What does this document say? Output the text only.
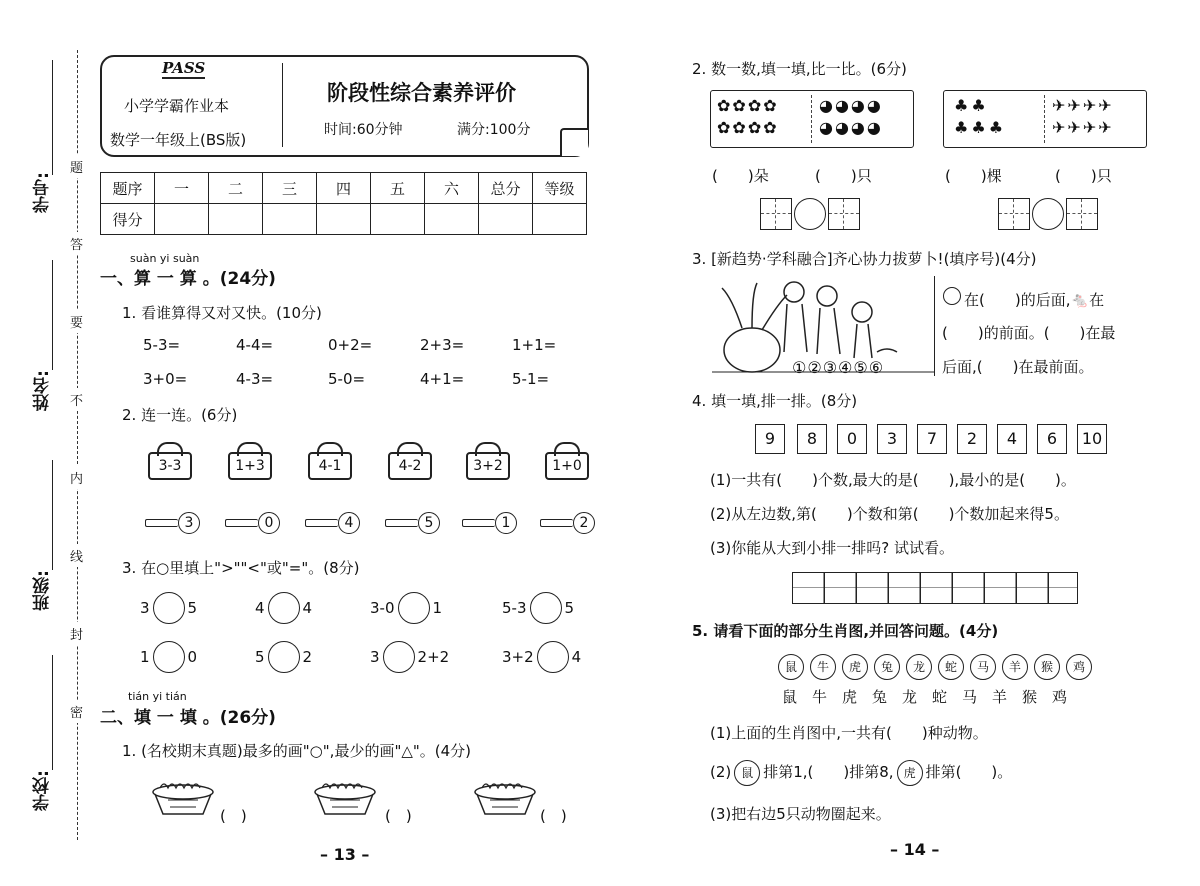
学号:
姓名:
班级:
学校:
题
答
要
不
内
线
封
密
PASS
小学学霸作业本
数学一年级上(BS版)
阶段性综合素养评价
时间:60分钟	满分:100分
题序	一	二	三	四	五	六	总分	等级
得分								
suàn yi suàn
一、算 一 算 。(24分)
1. 看谁算得又对又快。(10分)
5-3=	4-4=	0+2=	2+3=	1+1=
3+0=	4-3=	5-0=	4+1=	5-1=
2. 连一连。(6分)
3-3	1+3	4-1	4-2	3+2	1+0
3	0	4	5	1	2
3. 在○里填上">""<"或"="。(8分)
3	5	4	4	3-0	1	5-3	5
1	0	5	2	3	2+2	3+2	4
tián yi tián
二、填 一 填 。(26分)
1. (名校期末真题)最多的画"○",最少的画"△"。(4分)
(　)	(　)	(　)
– 13 –
2. 数一数,填一填,比一比。(6分)
✿✿✿✿
✿✿✿✿
◕◕◕◕
◕◕◕◕
♣♣
♣♣♣
✈✈✈✈
✈✈✈✈
(　　)朵	(　　)只	(　　)棵	(　　)只
3. [新趋势·学科融合]齐心协力拔萝卜!(填序号)(4分)
①②③④⑤⑥
在(　　)的后面,🐁在
(　　)的前面。(　　)在最
后面,(　　)在最前面。
4. 填一填,排一排。(8分)
9	8	0	3	7	2	4	6	10
(1)一共有(　　)个数,最大的是(　　),最小的是(　　)。
(2)从左边数,第(　　)个数和第(　　)个数加起来得5。
(3)你能从大到小排一排吗? 试试看。
5. 请看下面的部分生肖图,并回答问题。(4分)
鼠 牛 虎 兔 龙 蛇 马 羊 猴 鸡
鼠 牛 虎 兔 龙 蛇 马 羊 猴 鸡
(1)上面的生肖图中,一共有(　　)种动物。
(2) 鼠 排第1,(　　)排第8, 虎 排第(　　)。
(3)把右边5只动物圈起来。
– 14 –
